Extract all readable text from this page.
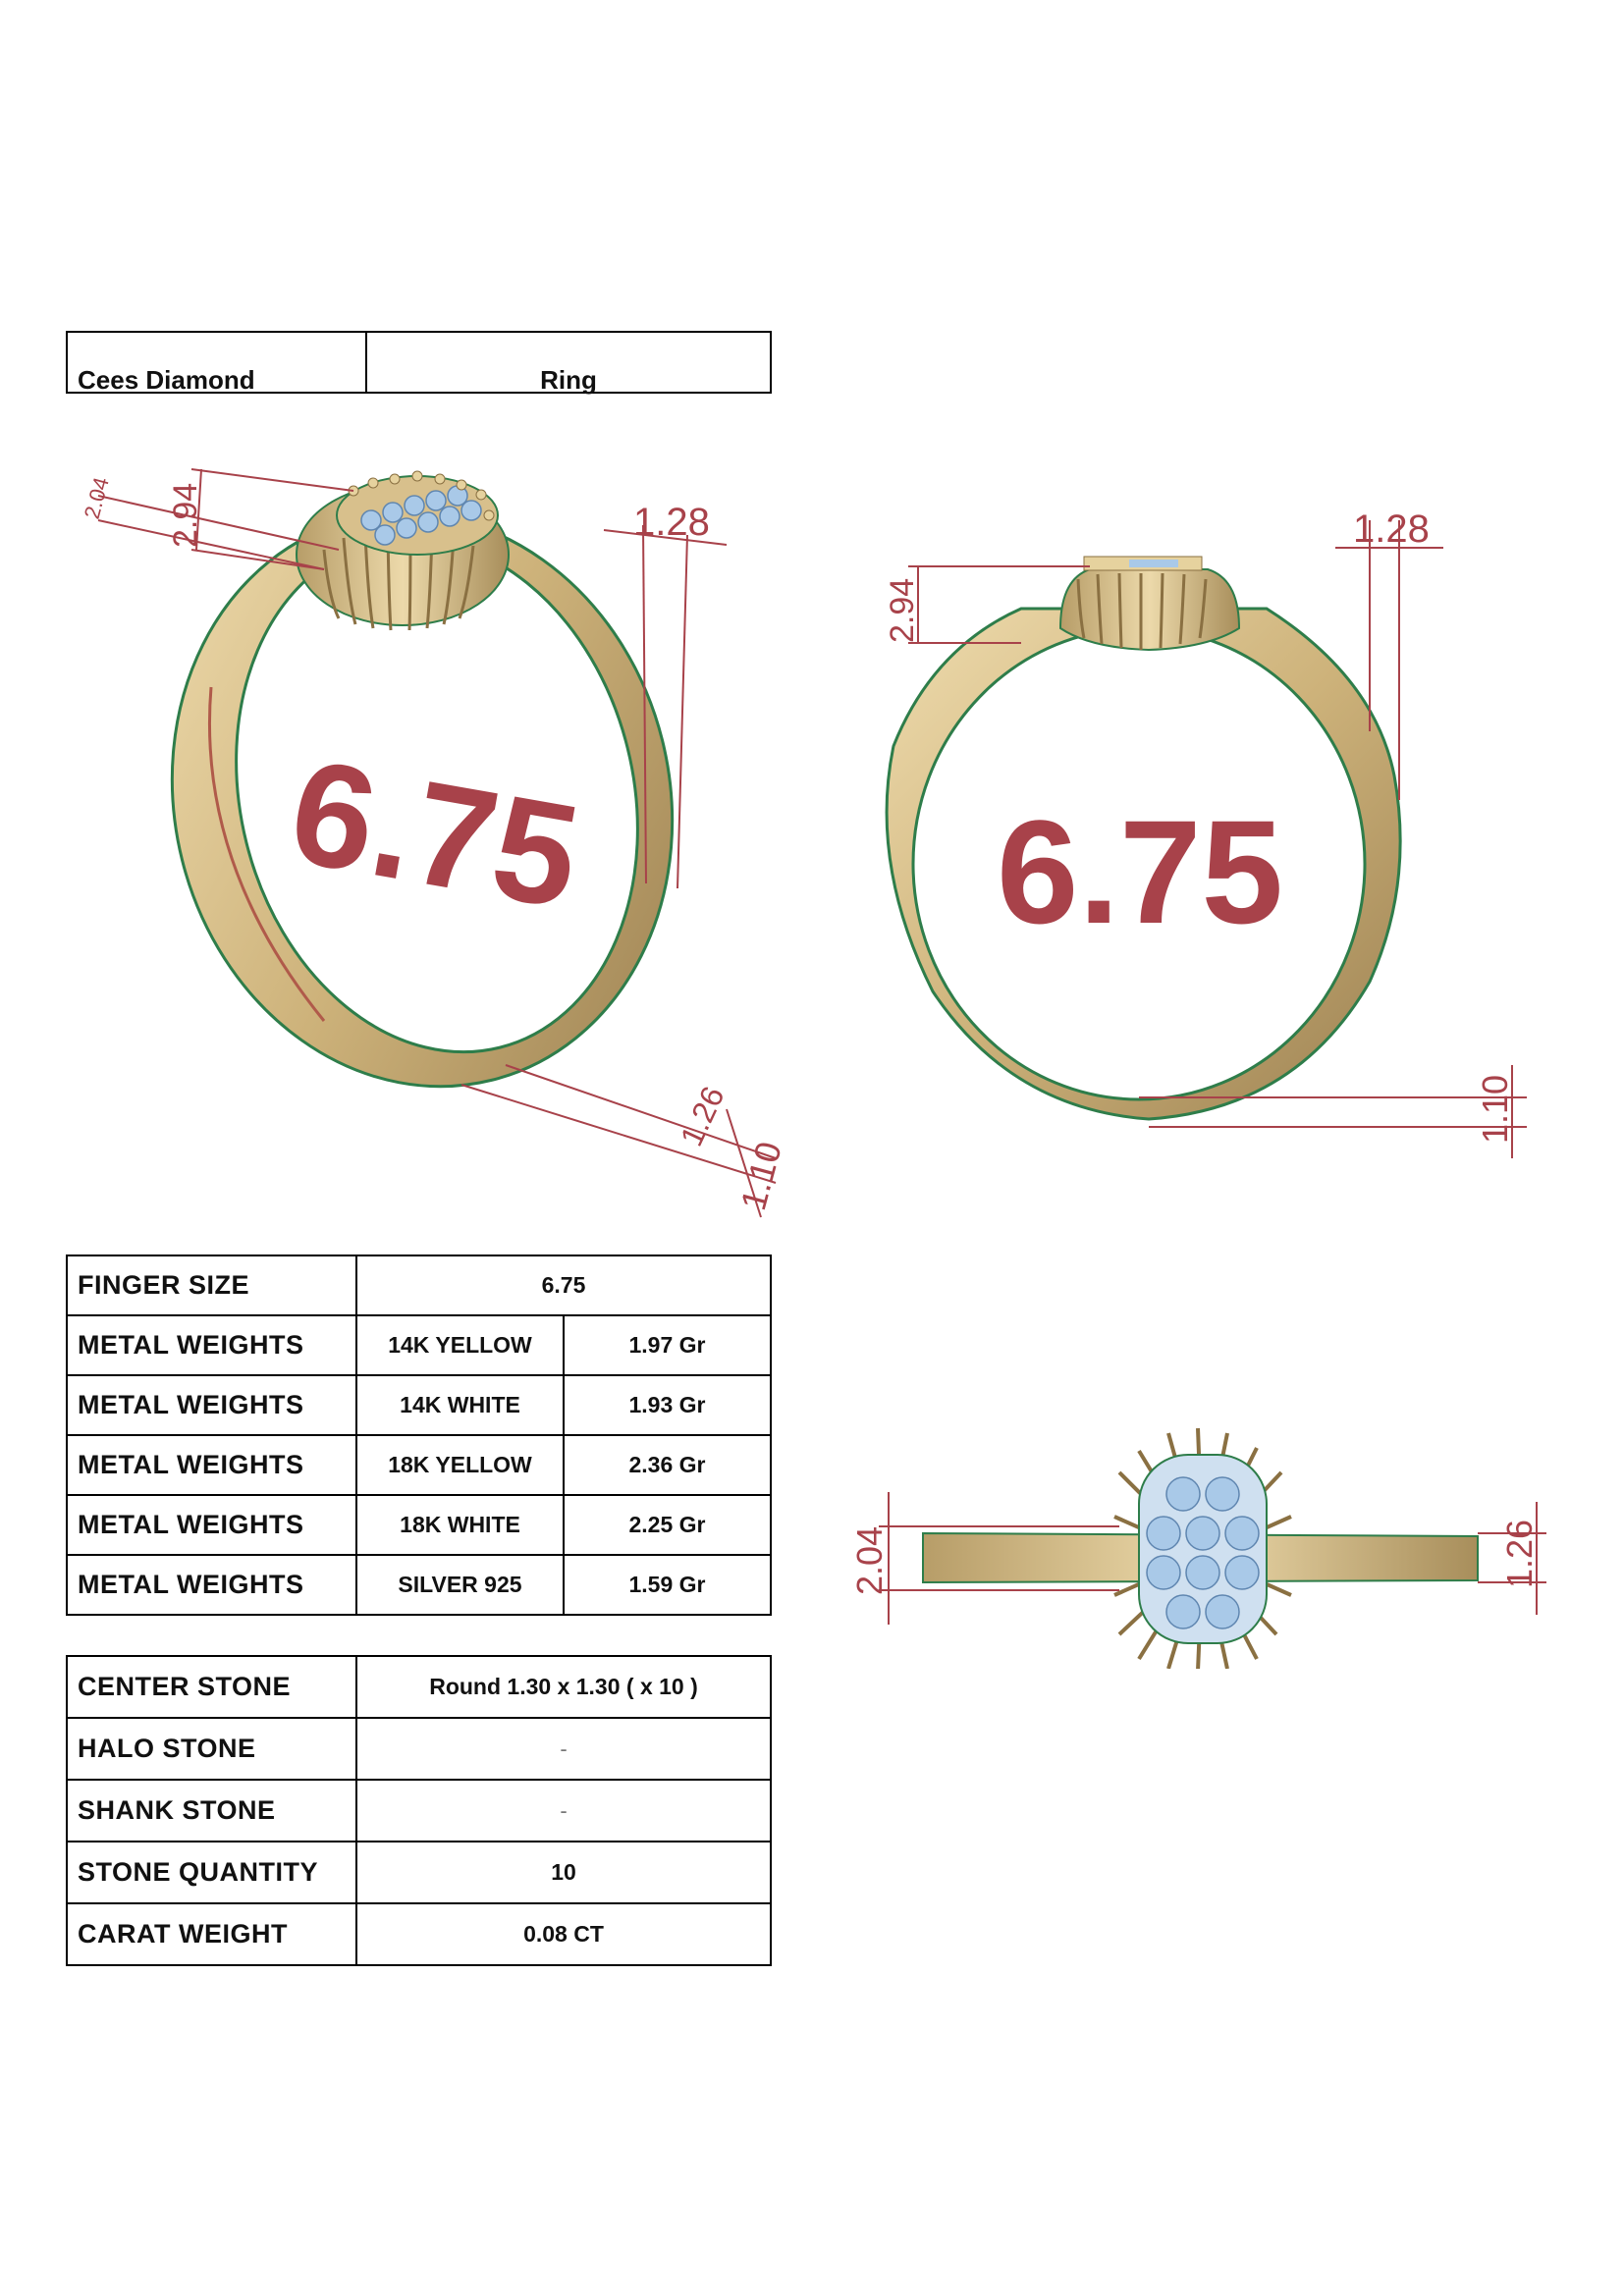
Cees Diamond	Ring
2.04 2.94	1.28
1.26
1.10
6.75
2.94
1.28
1.10
6.75
2.04	1.26
FINGER SIZE	6.75	
METAL WEIGHTS	14K YELLOW	1.97 Gr
METAL WEIGHTS	14K WHITE	1.93 Gr
METAL WEIGHTS	18K YELLOW	2.36 Gr
METAL WEIGHTS	18K WHITE	2.25 Gr
METAL WEIGHTS	SILVER 925	1.59 Gr
CENTER STONE	Round 1.30 x 1.30 ( x 10 )
HALO STONE	-
SHANK STONE	-
STONE QUANTITY	10
CARAT WEIGHT	0.08 CT
